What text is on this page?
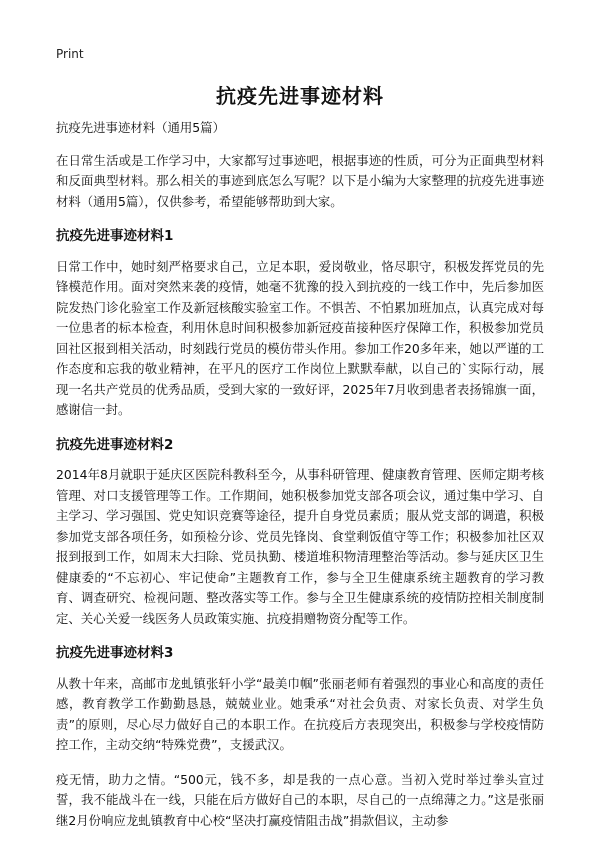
Print
抗疫先进事迹材料

抗疫先进事迹材料（通用5篇）

在日常生活或是工作学习中，大家都写过事迹吧，根据事迹的性质，可分为正面典型材料和反面典型材料。那么相关的事迹到底怎么写呢？以下是小编为大家整理的抗疫先进事迹材料（通用5篇），仅供参考，希望能够帮助到大家。

抗疫先进事迹材料1

日常工作中，她时刻严格要求自己，立足本职，爱岗敬业，恪尽职守，积极发挥党员的先锋模范作用。面对突然来袭的疫情，她毫不犹豫的投入到抗疫的一线工作中，先后参加医院发热门诊化验室工作及新冠核酸实验室工作。不惧苦、不怕累加班加点，认真完成对每一位患者的标本检查，利用休息时间积极参加新冠疫苗接种医疗保障工作，积极参加党员回社区报到相关活动，时刻践行党员的模仿带头作用。参加工作20多年来，她以严谨的工作态度和忘我的敬业精神，在平凡的医疗工作岗位上默默奉献，以自己的`实际行动，展现一名共产党员的优秀品质，受到大家的一致好评，2025年7月收到患者表扬锦旗一面，感谢信一封。

抗疫先进事迹材料2

2014年8月就职于延庆区医院科教科至今，从事科研管理、健康教育管理、医师定期考核管理、对口支援管理等工作。工作期间，她积极参加党支部各项会议，通过集中学习、自主学习、学习强国、党史知识竞赛等途径，提升自身党员素质；服从党支部的调遣，积极参加党支部各项任务，如预检分诊、党员先锋岗、食堂剩饭值守等工作；积极参加社区双报到报到工作，如周末大扫除、党员执勤、楼道堆积物清理整治等活动。参与延庆区卫生健康委的“不忘初心、牢记使命”主题教育工作，参与全卫生健康系统主题教育的学习教育、调查研究、检视问题、整改落实等工作。参与全卫生健康系统的疫情防控相关制度制定、关心关爱一线医务人员政策实施、抗疫捐赠物资分配等工作。

抗疫先进事迹材料3

从教十年来，高邮市龙虬镇张轩小学“最美巾帼”张丽老师有着强烈的事业心和高度的责任感，教育教学工作勤勤恳恳，兢兢业业。她秉承“对社会负责、对家长负责、对学生负责”的原则，尽心尽力做好自己的本职工作。在抗疫后方表现突出，积极参与学校疫情防控工作，主动交纳“特殊党费”，支援武汉。

疫无情，助力之情。“500元，钱不多，却是我的一点心意。当初入党时举过拳头宣过誓，我不能战斗在一线，只能在后方做好自己的本职，尽自己的一点绵薄之力。”这是张丽继2月份响应龙虬镇教育中心校“坚决打赢疫情阻击战”捐款倡议，主动参
